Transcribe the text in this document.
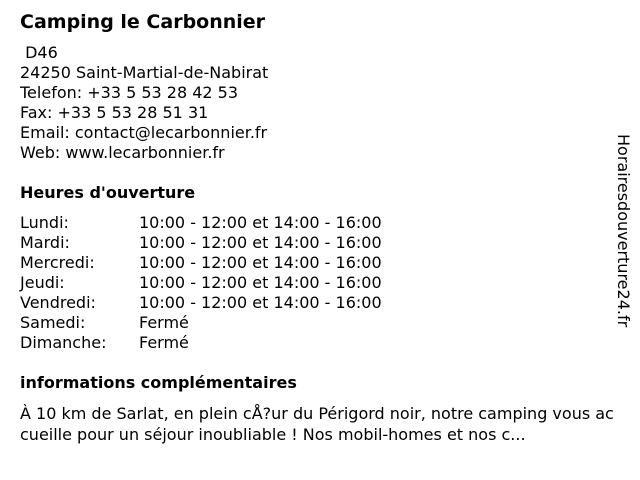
Camping le Carbonnier
D46
24250 Saint-Martial-de-Nabirat
Telefon: +33 5 53 28 42 53
Fax: +33 5 53 28 51 31
Email: contact@lecarbonnier.fr
Web: www.lecarbonnier.fr
Heures d'ouverture
Lundi:	10:00 - 12:00 et 14:00 - 16:00
Mardi:	10:00 - 12:00 et 14:00 - 16:00
Mercredi:	10:00 - 12:00 et 14:00 - 16:00
Jeudi:	10:00 - 12:00 et 14:00 - 16:00
Vendredi:	10:00 - 12:00 et 14:00 - 16:00
Samedi:	Fermé
Dimanche: Fermé
informations complémentaires
À 10 km de Sarlat, en plein cÅ?ur du Périgord noir, notre camping vous accueille pour un séjour inoubliable ! Nos mobil-homes et nos c...
Horairesdouverture24.fr
